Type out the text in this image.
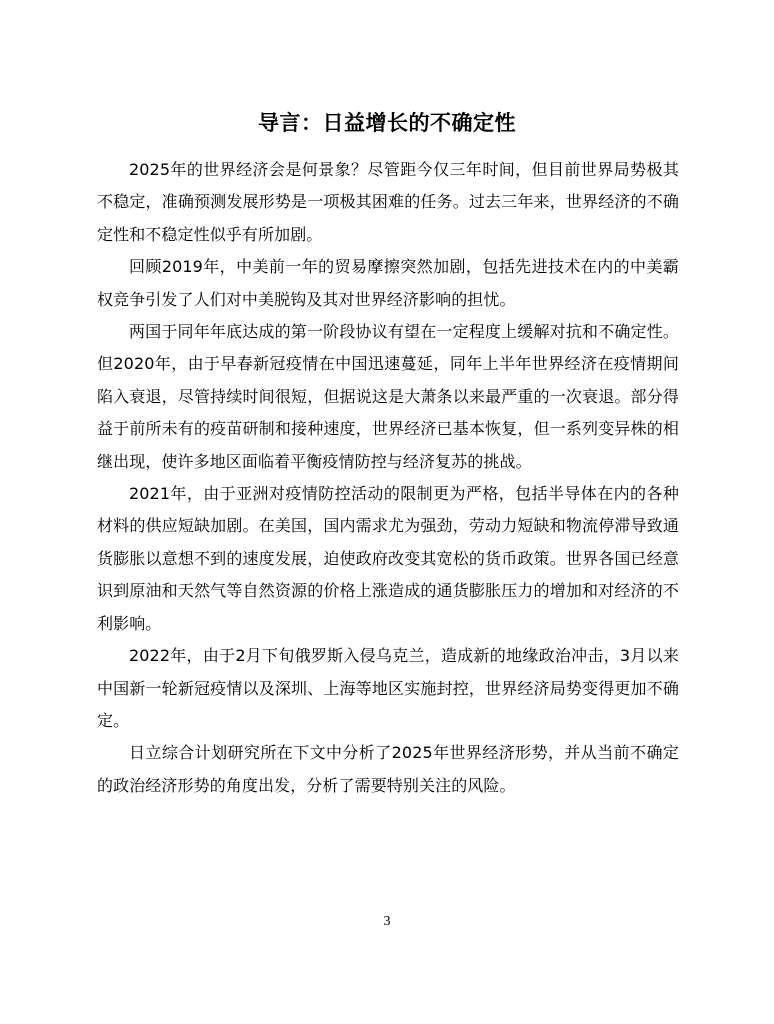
导言：日益增长的不确定性

2025年的世界经济会是何景象？尽管距今仅三年时间，但目前世界局势极其不稳定，准确预测发展形势是一项极其困难的任务。过去三年来，世界经济的不确定性和不稳定性似乎有所加剧。

回顾2019年，中美前一年的贸易摩擦突然加剧，包括先进技术在内的中美霸权竞争引发了人们对中美脱钩及其对世界经济影响的担忧。

两国于同年年底达成的第一阶段协议有望在一定程度上缓解对抗和不确定性。但2020年，由于早春新冠疫情在中国迅速蔓延，同年上半年世界经济在疫情期间陷入衰退，尽管持续时间很短，但据说这是大萧条以来最严重的一次衰退。部分得益于前所未有的疫苗研制和接种速度，世界经济已基本恢复，但一系列变异株的相继出现，使许多地区面临着平衡疫情防控与经济复苏的挑战。

2021年，由于亚洲对疫情防控活动的限制更为严格，包括半导体在内的各种材料的供应短缺加剧。在美国，国内需求尤为强劲，劳动力短缺和物流停滞导致通货膨胀以意想不到的速度发展，迫使政府改变其宽松的货币政策。世界各国已经意识到原油和天然气等自然资源的价格上涨造成的通货膨胀压力的增加和对经济的不利影响。

2022年，由于2月下旬俄罗斯入侵乌克兰，造成新的地缘政治冲击，3月以来中国新一轮新冠疫情以及深圳、上海等地区实施封控，世界经济局势变得更加不确定。

日立综合计划研究所在下文中分析了2025年世界经济形势，并从当前不确定的政治经济形势的角度出发，分析了需要特别关注的风险。

3
